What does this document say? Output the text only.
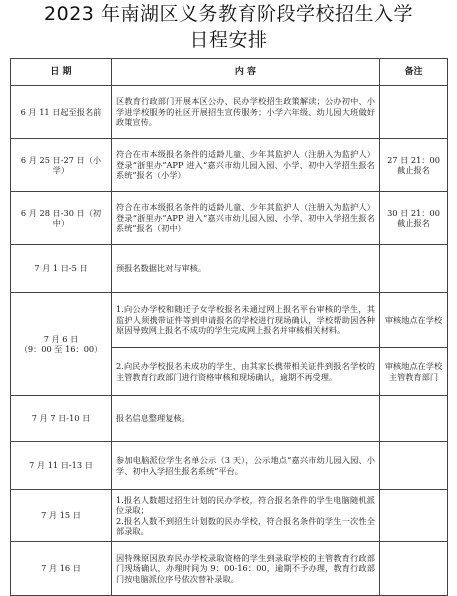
2023 年南湖区义务教育阶段学校招生入学
日程安排
日 期	内 容	备注
6 月 11 日起至报名前	区教育行政部门开展本区公办、民办学校招生政策解读；公办初中、小学进学校服务的社区开展招生宣传服务；小学六年级、幼儿园大班做好政策宣传。	
6 月 25 日-27 日（小学）	符合在市本级报名条件的适龄儿童、少年其监护人（注册入为监护人）登录“浙里办”APP 进入“嘉兴市幼儿园入园、小学、初中入学招生报名系统”报名（小学）	27 日 21：00 截止报名
6 月 28 日-30 日（初中）	符合在市本级报名条件的适龄儿童、少年其监护人（注册入为监护人）登录“浙里办”APP 进入“嘉兴市幼儿园入园、小学、初中入学招生报名系统”报名（初中）	30 日 21：00 截止报名
7 月 1 日-5 日	预报名数据比对与审核。	

7 月 6 日
（9：00 至 16：00）	1.向公办学校和随迁子女学校报名未通过网上报名平台审核的学生，其监护人须携带证件等到申请报名的学校进行现场确认，学校帮助因各种原因导致网上报名不成功的学生完成网上报名并审核相关材料。	审核地点在学校
	2.向民办学校报名未成功的学生，由其家长携带相关证件到报名学校的主管教育行政部门进行资格审核和现场确认，逾期不再受理。	审核地点在学校主管教育部门
7 月 7 日-10 日	报名信息整理复核。	
7 月 11 日-13 日	参加电脑派位学生名单公示（3 天），公示地点“嘉兴市幼儿园入园、小学、初中入学招生报名系统”平台。	
7 月 15 日	1.报名人数超过招生计划的民办学校，符合报名条件的学生电脑随机派位录取；
2.报名人数不到招生计划数的民办学校，符合报名条件的学生一次性全部录取。	
7 月 16 日	因特殊原因放弃民办学校录取资格的学生到录取学校的主管教育行政部门现场确认，办理时间为 9：00-16：00，逾期不予办理，教育行政部门按电脑派位序号依次替补录取。	
